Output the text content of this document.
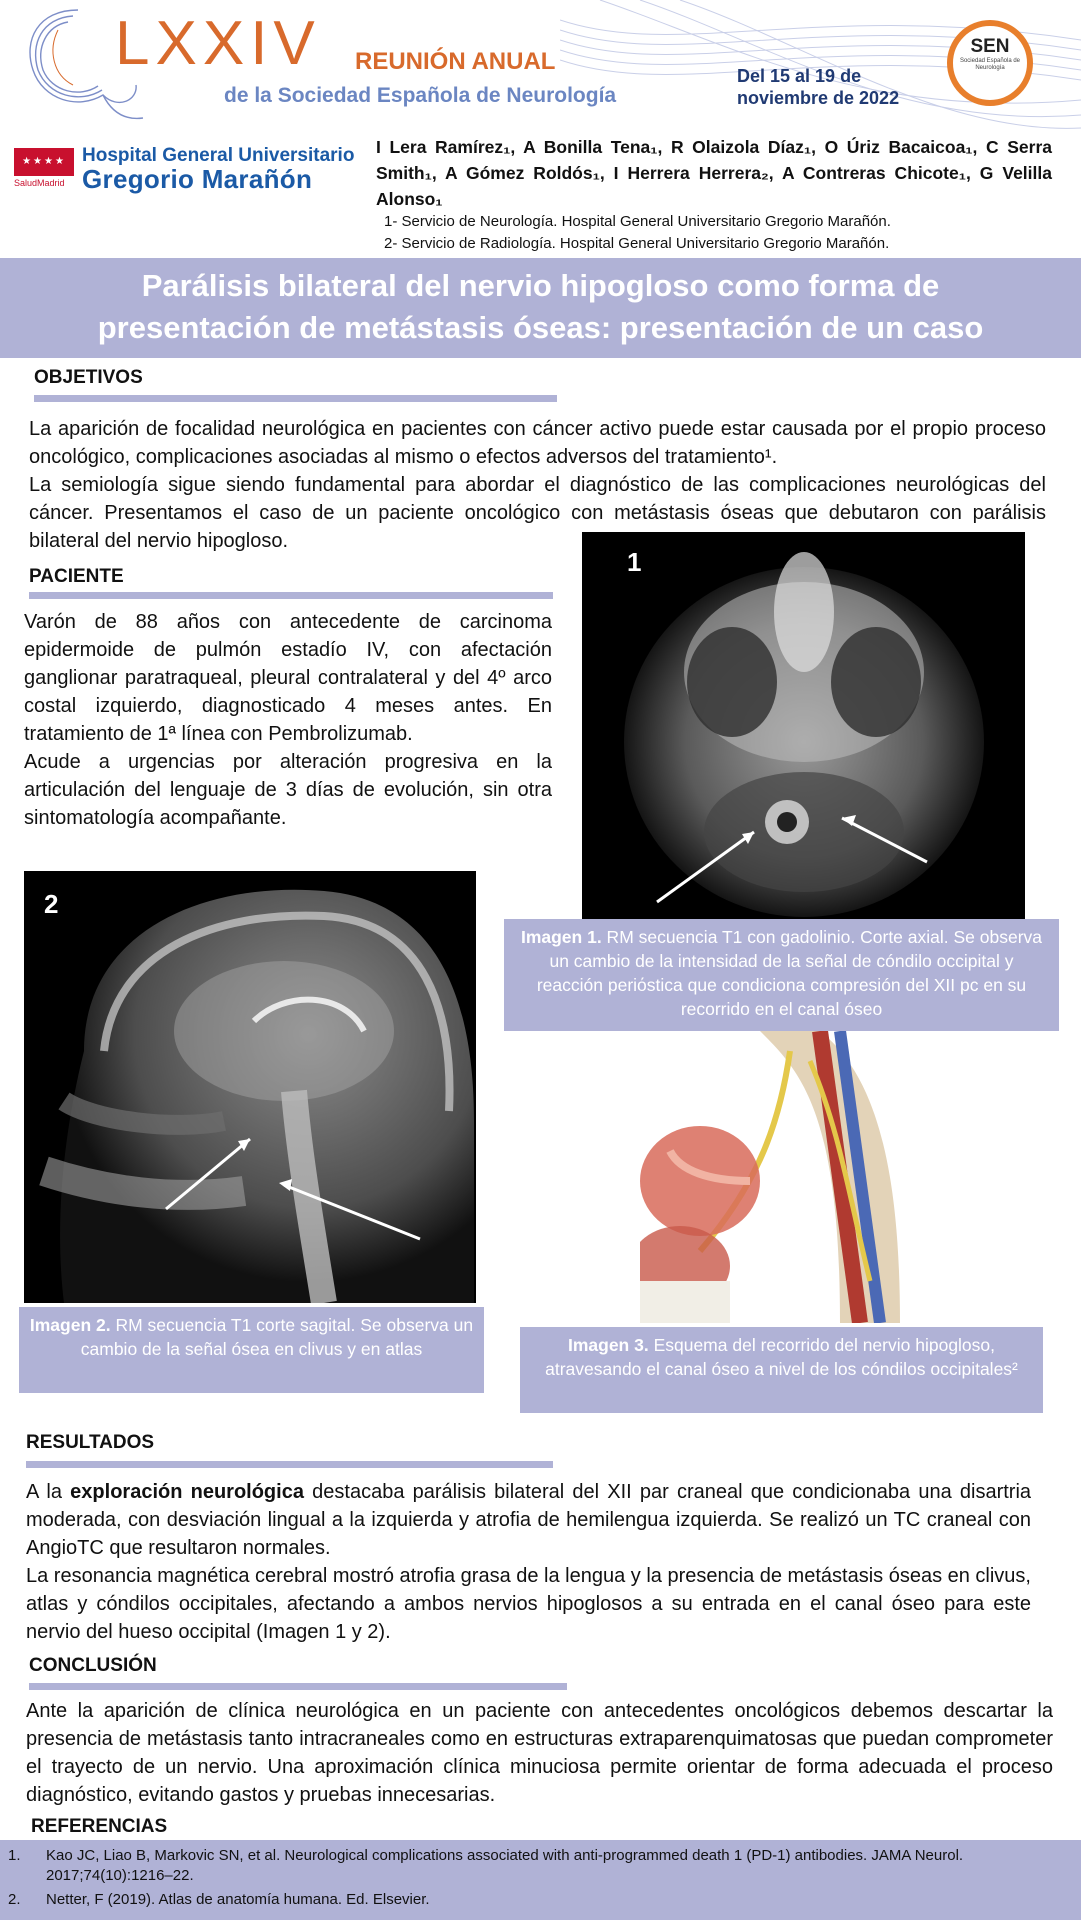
LXXIV REUNIÓN ANUAL
de la Sociedad Española de Neurología
Del 15 al 19 de
noviembre de 2022
SEN
Sociedad Española de Neurología
★★★★
SaludMadrid
Hospital General Universitario
Gregorio Marañón
I Lera Ramírez₁, A Bonilla Tena₁, R Olaizola Díaz₁, O Úriz Bacaicoa₁, C Serra Smith₁, A Gómez Roldós₁, I Herrera Herrera₂, A Contreras Chicote₁, G Velilla Alonso₁
1- Servicio de Neurología. Hospital General Universitario Gregorio Marañón.
2- Servicio de Radiología. Hospital General Universitario Gregorio Marañón.
Parálisis bilateral del nervio hipogloso como forma de
presentación de metástasis óseas: presentación de un caso
OBJETIVOS

La aparición de focalidad neurológica en pacientes con cáncer activo puede estar causada por el propio proceso oncológico, complicaciones asociadas al mismo o efectos adversos del tratamiento¹.

La semiología sigue siendo fundamental para abordar el diagnóstico de las complicaciones neurológicas del cáncer. Presentamos el caso de un paciente oncológico con metástasis óseas que debutaron con parálisis bilateral del nervio hipogloso.

PACIENTE

Varón de 88 años con antecedente de carcinoma epidermoide de pulmón estadío IV, con afectación ganglionar paratraqueal, pleural contralateral y del 4º arco costal izquierdo, diagnosticado 4 meses antes. En tratamiento de 1ª línea con Pembrolizumab.

Acude a urgencias por alteración progresiva en la articulación del lenguaje de 3 días de evolución, sin otra sintomatología acompañante.

1
Imagen 1. RM secuencia T1 con gadolinio. Corte axial. Se observa un cambio de la intensidad de la señal de cóndilo occipital y reacción periόstica que condiciona compresión del XII pc en su recorrido en el canal óseo
2
Imagen 2. RM secuencia T1 corte sagital. Se observa un cambio de la señal ósea en clivus y en atlas	Imagen 3. Esquema del recorrido del nervio hipogloso, atravesando el canal óseo a nivel de los cóndilos occipitales²
RESULTADOS

A la exploración neurológica destacaba parálisis bilateral del XII par craneal que condicionaba una disartria moderada, con desviación lingual a la izquierda y atrofia de hemilengua izquierda. Se realizó un TC craneal con AngioTC que resultaron normales.

La resonancia magnética cerebral mostró atrofia grasa de la lengua y la presencia de metástasis óseas en clivus, atlas y cóndilos occipitales, afectando a ambos nervios hipoglosos a su entrada en el canal óseo para este nervio del hueso occipital (Imagen 1 y 2).

CONCLUSIÓN

Ante la aparición de clínica neurológica en un paciente con antecedentes oncológicos debemos descartar la presencia de metástasis tanto intracraneales como en estructuras extraparenquimatosas que puedan comprometer el trayecto de un nervio. Una aproximación clínica minuciosa permite orientar de forma adecuada el proceso diagnóstico, evitando gastos y pruebas innecesarias.

REFERENCIAS
1.	Kao JC, Liao B, Markovic SN, et al. Neurological complications associated with anti-programmed death 1 (PD-1) antibodies. JAMA Neurol. 2017;74(10):1216–22.
2.	Netter, F (2019). Atlas de anatomía humana. Ed. Elsevier.
